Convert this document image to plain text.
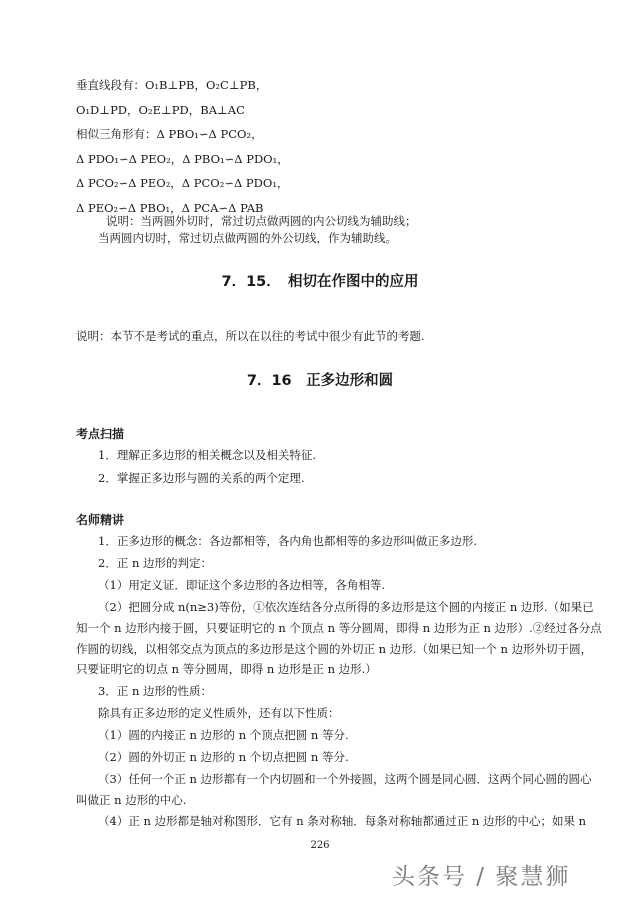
垂直线段有：O₁B⊥PB，O₂C⊥PB，
O₁D⊥PD，O₂E⊥PD，BA⊥AC
相似三角形有：Δ PBO₁∽Δ PCO₂，
Δ PDO₁∽Δ PEO₂，Δ PBO₁∽Δ PDO₁，
Δ PCO₂∽Δ PEO₂，Δ PCO₂∽Δ PDO₁，
Δ PEO₂∽Δ PBO₁，Δ PCA∽Δ PAB
说明：当两圆外切时，常过切点做两圆的内公切线为辅助线；
当两圆内切时，常过切点做两圆的外公切线，作为辅助线。
7．15．　相切在作图中的应用
说明：本节不是考试的重点，所以在以往的考试中很少有此节的考题.
7．16　正多边形和圆
考点扫描
1．理解正多边形的相关概念以及相关特征.
2．掌握正多边形与圆的关系的两个定理.
名师精讲
1．正多边形的概念：各边都相等，各内角也都相等的多边形叫做正多边形.
2．正 n 边形的判定：
（1）用定义证．即证这个多边形的各边相等，各角相等.
（2）把圆分成 n(n≥3)等份，①依次连结各分点所得的多边形是这个圆的内接正 n 边形.（如果已
知一个 n 边形内接于圆，只要证明它的 n 个顶点 n 等分圆周，即得 n 边形为正 n 边形）.②经过各分点
作圆的切线，以相邻交点为顶点的多边形是这个圆的外切正 n 边形.（如果已知一个 n 边形外切于圆，
只要证明它的切点 n 等分圆周，即得 n 边形是正 n 边形.）
3．正 n 边形的性质：
除具有正多边形的定义性质外，还有以下性质：
（1）圆的内接正 n 边形的 n 个顶点把圆 n 等分.
（2）圆的外切正 n 边形的 n 个切点把圆 n 等分.
（3）任何一个正 n 边形都有一个内切圆和一个外接圆，这两个圆是同心圆．这两个同心圆的圆心
叫做正 n 边形的中心.
（4）正 n 边形都是轴对称图形．它有 n 条对称轴．每条对称轴都通过正 n 边形的中心；如果 n
226
头条号 / 聚慧狮
